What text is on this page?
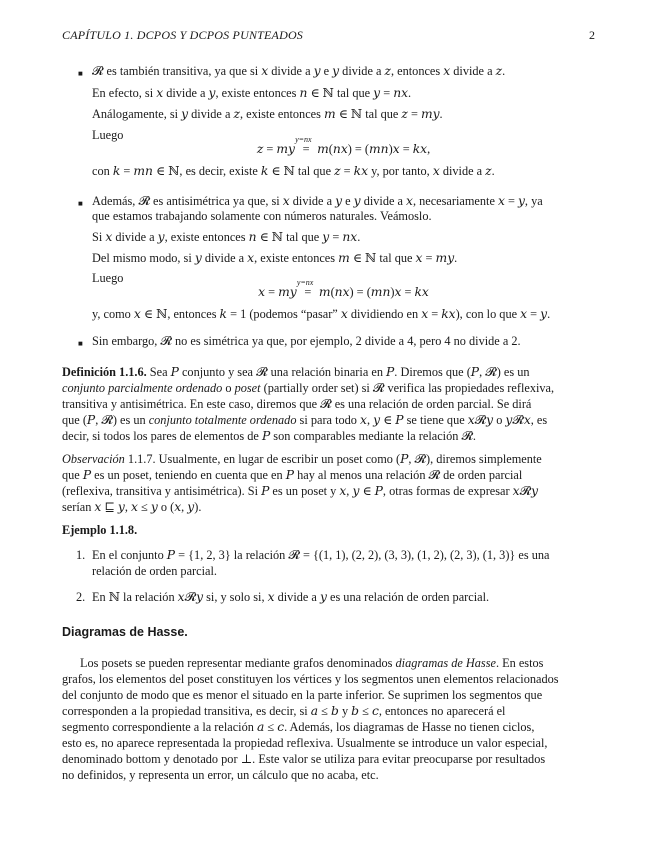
CAPÍTULO 1. DCPOS Y DCPOS PUNTEADOS	2
■ 𝓡 es también transitiva, ya que si 𝑥 divide a 𝑦 e 𝑦 divide a 𝑧, entonces 𝑥 divide a 𝑧.
En efecto, si 𝑥 divide a 𝑦, existe entonces 𝑛 ∈ ℕ tal que 𝑦 = 𝑛𝑥.
Análogamente, si 𝑦 divide a 𝑧, existe entonces 𝑚 ∈ ℕ tal que 𝑧 = 𝑚𝑦.
Luego
𝑧 = 𝑚𝑦 =
y=nx
𝑚(𝑛𝑥) = (𝑚𝑛)𝑥 = 𝑘𝑥,
con 𝑘 = 𝑚𝑛 ∈ ℕ, es decir, existe 𝑘 ∈ ℕ tal que 𝑧 = 𝑘𝑥 y, por tanto, 𝑥 divide a 𝑧.
■ Además, 𝓡 es antisimétrica ya que, si 𝑥 divide a 𝑦 e 𝑦 divide a 𝑥, necesariamente 𝑥 = 𝑦, ya
que estamos trabajando solamente con números naturales. Veámoslo.
Si 𝑥 divide a 𝑦, existe entonces 𝑛 ∈ ℕ tal que 𝑦 = 𝑛𝑥.
Del mismo modo, si 𝑦 divide a 𝑥, existe entonces 𝑚 ∈ ℕ tal que 𝑥 = 𝑚𝑦.
Luego
𝑥 = 𝑚𝑦 =
y=nx
𝑚(𝑛𝑥) = (𝑚𝑛)𝑥 = 𝑘𝑥
y, como 𝑥 ∈ ℕ, entonces 𝑘 = 1 (podemos “pasar” 𝑥 dividiendo en 𝑥 = 𝑘𝑥), con lo que 𝑥 = 𝑦.
■ Sin embargo, 𝓡 no es simétrica ya que, por ejemplo, 2 divide a 4, pero 4 no divide a 2.
Definición 1.1.6. Sea 𝑃 conjunto y sea 𝓡 una relación binaria en 𝑃. Diremos que (𝑃, 𝓡) es un
conjunto parcialmente ordenado o poset (partially order set) si 𝓡 verifica las propiedades reflexiva,
transitiva y antisimétrica. En este caso, diremos que 𝓡 es una relación de orden parcial. Se dirá
que (𝑃, 𝓡) es un conjunto totalmente ordenado si para todo 𝑥, 𝑦 ∈ 𝑃 se tiene que 𝑥𝓡𝑦 o 𝑦𝓡𝑥, es
decir, si todos los pares de elementos de 𝑃 son comparables mediante la relación 𝓡.
Observación 1.1.7. Usualmente, en lugar de escribir un poset como (𝑃, 𝓡), diremos simplemente
que 𝑃 es un poset, teniendo en cuenta que en 𝑃 hay al menos una relación 𝓡 de orden parcial
(reflexiva, transitiva y antisimétrica). Si 𝑃 es un poset y 𝑥, 𝑦 ∈ 𝑃, otras formas de expresar 𝑥𝓡𝑦
serían 𝑥 ⊑ 𝑦, 𝑥 ≤ 𝑦 o (𝑥, 𝑦).
Ejemplo 1.1.8.
1. En el conjunto 𝑃 = {1, 2, 3} la relación 𝓡 = {(1, 1), (2, 2), (3, 3), (1, 2), (2, 3), (1, 3)} es una
relación de orden parcial.
2. En ℕ la relación 𝑥𝓡𝑦 si, y solo si, 𝑥 divide a 𝑦 es una relación de orden parcial.
Diagramas de Hasse.
Los posets se pueden representar mediante grafos denominados diagramas de Hasse. En estos
grafos, los elementos del poset constituyen los vértices y los segmentos unen elementos relacionados
del conjunto de modo que es menor el situado en la parte inferior. Se suprimen los segmentos que
corresponden a la propiedad transitiva, es decir, si 𝑎 ≤ 𝑏 y 𝑏 ≤ 𝑐, entonces no aparecerá el
segmento correspondiente a la relación 𝑎 ≤ 𝑐. Además, los diagramas de Hasse no tienen ciclos,
esto es, no aparece representada la propiedad reflexiva. Usualmente se introduce un valor especial,
denominado bottom y denotado por ⊥. Este valor se utiliza para evitar preocuparse por resultados
no definidos, y representa un error, un cálculo que no acaba, etc.
